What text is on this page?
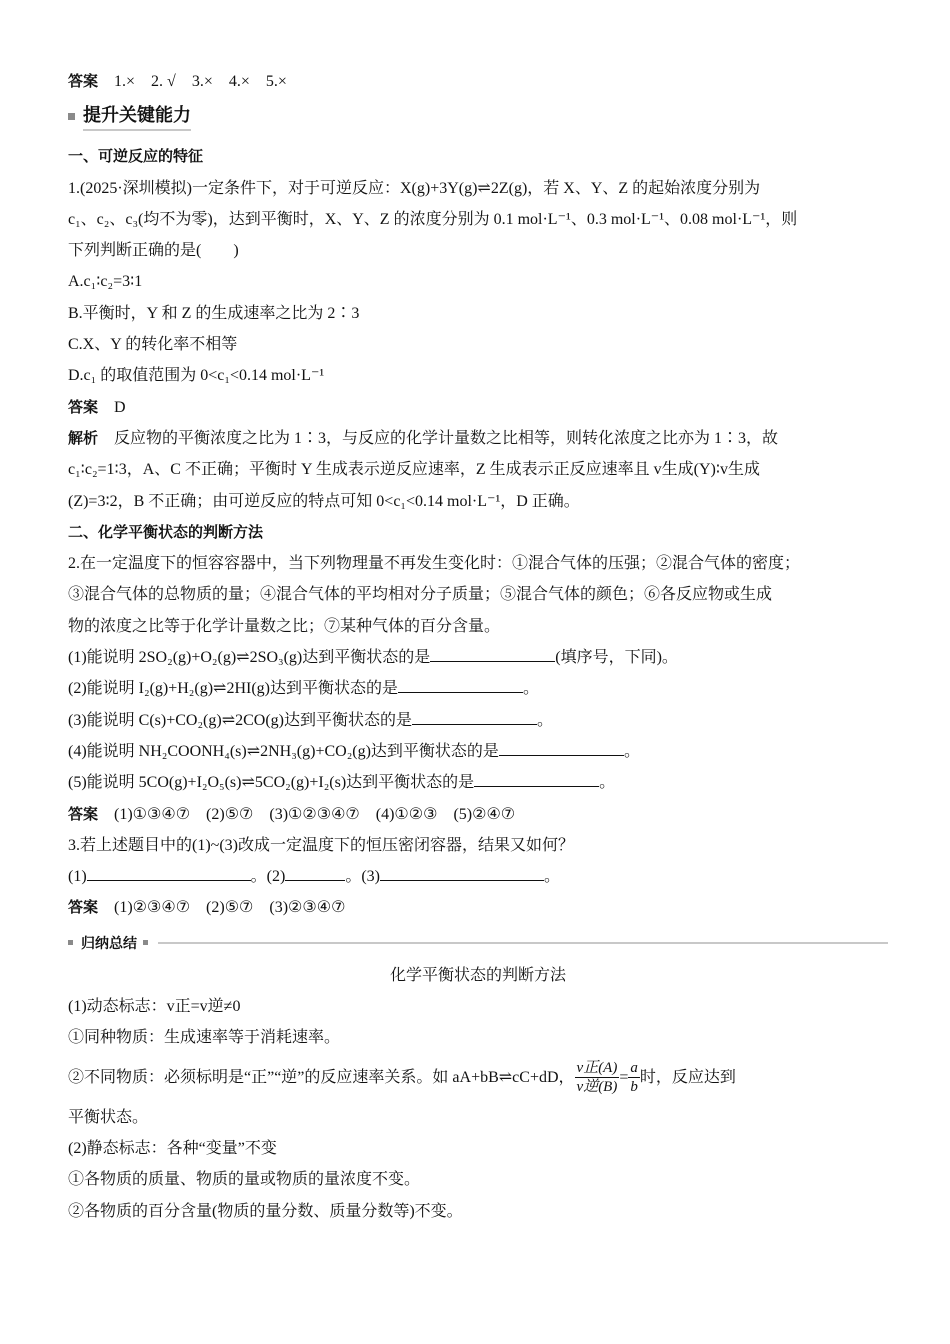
答案 1.×　2. √　3.×　4.×　5.×
提升关键能力
一、可逆反应的特征
1.(2025·深圳模拟)一定条件下，对于可逆反应：X(g)+3Y(g)⇌2Z(g)，若 X、Y、Z 的起始浓度分别为
c₁、c₂、c₃(均不为零)，达到平衡时，X、Y、Z 的浓度分别为 0.1 mol·L⁻¹、0.3 mol·L⁻¹、0.08 mol·L⁻¹，则
下列判断正确的是(　　)
A.c₁∶c₂=3∶1
B.平衡时，Y 和 Z 的生成速率之比为 2∶3
C.X、Y 的转化率不相等
D.c₁ 的取值范围为 0<c₁<0.14 mol·L⁻¹
答案 D
解析 反应物的平衡浓度之比为 1∶3，与反应的化学计量数之比相等，则转化浓度之比亦为 1∶3，故
c₁∶c₂=1∶3，A、C 不正确；平衡时 Y 生成表示逆反应速率，Z 生成表示正反应速率且 v生成(Y)∶v生成
(Z)=3∶2，B 不正确；由可逆反应的特点可知 0<c₁<0.14 mol·L⁻¹，D 正确。
二、化学平衡状态的判断方法
2.在一定温度下的恒容容器中，当下列物理量不再发生变化时：①混合气体的压强；②混合气体的密度；
③混合气体的总物质的量；④混合气体的平均相对分子质量；⑤混合气体的颜色；⑥各反应物或生成
物的浓度之比等于化学计量数之比；⑦某种气体的百分含量。
(1)能说明 2SO₂(g)+O₂(g)⇌2SO₃(g)达到平衡状态的是	(填序号，下同)。
(2)能说明 I₂(g)+H₂(g)⇌2HI(g)达到平衡状态的是	。
(3)能说明 C(s)+CO₂(g)⇌2CO(g)达到平衡状态的是	。
(4)能说明 NH₂COONH₄(s)⇌2NH₃(g)+CO₂(g)达到平衡状态的是	。
(5)能说明 5CO(g)+I₂O₅(s)⇌5CO₂(g)+I₂(s)达到平衡状态的是	。
答案 (1)①③④⑦　(2)⑤⑦　(3)①②③④⑦　(4)①②③　(5)②④⑦
3.若上述题目中的(1)~(3)改成一定温度下的恒压密闭容器，结果又如何？
(1)	。(2)	。(3)	。
答案 (1)②③④⑦　(2)⑤⑦　(3)②③④⑦
归纳总结
化学平衡状态的判断方法
(1)动态标志：v正=v逆≠0
①同种物质：生成速率等于消耗速率。
②不同物质：必须标明是“正”“逆”的反应速率关系。如 aA+bB⇌cC+dD， $\frac{\text{v正(A)}}{\text{v逆(B)}} = \frac{a}{b}$ 时，反应达到
平衡状态。
(2)静态标志：各种“变量”不变
①各物质的质量、物质的量或物质的量浓度不变。
②各物质的百分含量(物质的量分数、质量分数等)不变。
